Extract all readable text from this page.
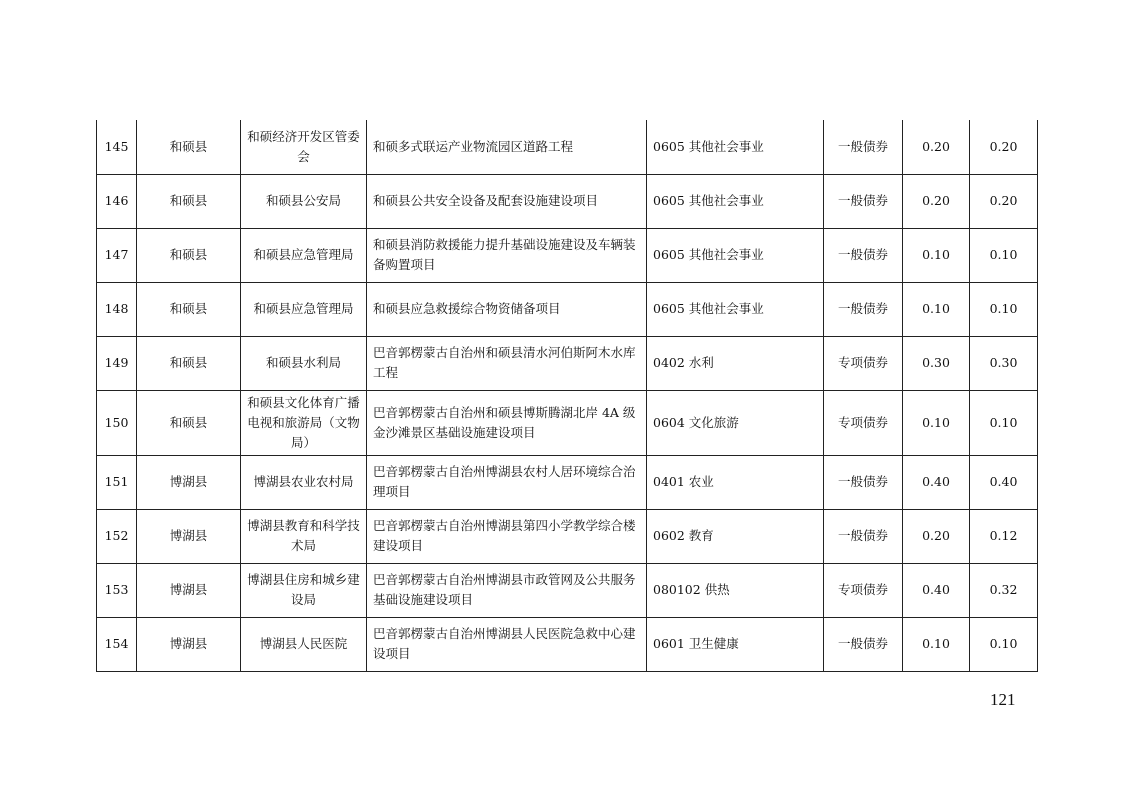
145	和硕县	和硕经济开发区管委会	和硕多式联运产业物流园区道路工程	0605 其他社会事业	一般债券	0.20	0.20
146	和硕县	和硕县公安局	和硕县公共安全设备及配套设施建设项目	0605 其他社会事业	一般债券	0.20	0.20
147	和硕县	和硕县应急管理局	和硕县消防救援能力提升基础设施建设及车辆装备购置项目	0605 其他社会事业	一般债券	0.10	0.10
148	和硕县	和硕县应急管理局	和硕县应急救援综合物资储备项目	0605 其他社会事业	一般债券	0.10	0.10
149	和硕县	和硕县水利局	巴音郭楞蒙古自治州和硕县清水河伯斯阿木水库工程	0402 水利	专项债券	0.30	0.30
150	和硕县	和硕县文化体育广播电视和旅游局（文物局）	巴音郭楞蒙古自治州和硕县博斯腾湖北岸 4A 级金沙滩景区基础设施建设项目	0604 文化旅游	专项债券	0.10	0.10
151	博湖县	博湖县农业农村局	巴音郭楞蒙古自治州博湖县农村人居环境综合治理项目	0401 农业	一般债券	0.40	0.40
152	博湖县	博湖县教育和科学技术局	巴音郭楞蒙古自治州博湖县第四小学教学综合楼建设项目	0602 教育	一般债券	0.20	0.12
153	博湖县	博湖县住房和城乡建设局	巴音郭楞蒙古自治州博湖县市政管网及公共服务基础设施建设项目	080102 供热	专项债券	0.40	0.32
154	博湖县	博湖县人民医院	巴音郭楞蒙古自治州博湖县人民医院急救中心建设项目	0601 卫生健康	一般债券	0.10	0.10
121
